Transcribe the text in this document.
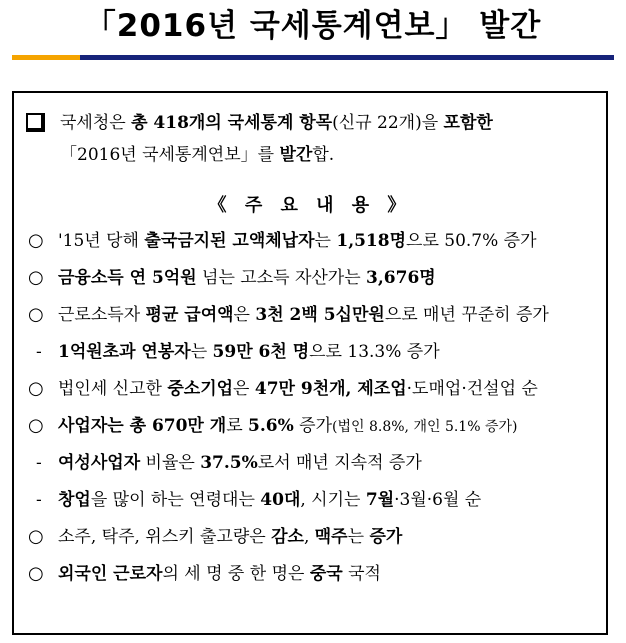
「2016년 국세통계연보」 발간
국세청은 총 418개의 국세통계 항목(신규 22개)을 포함한
「2016년 국세통계연보」를 발간합.
《 주 요 내 용 》
○ '15년 당해 출국금지된 고액체납자는 1,518명으로 50.7% 증가
○ 금융소득 연 5억원 넘는 고소득 자산가는 3,676명
○ 근로소득자 평균 급여액은 3천 2백 5십만원으로 매년 꾸준히 증가
- 1억원초과 연봉자는 59만 6천 명으로 13.3% 증가
○ 법인세 신고한 중소기업은 47만 9천개, 제조업·도매업·건설업 순
○ 사업자는 총 670만 개로 5.6% 증가(법인 8.8%, 개인 5.1% 증가)
- 여성사업자 비율은 37.5%로서 매년 지속적 증가
- 창업을 많이 하는 연령대는 40대, 시기는 7월·3월·6월 순
○ 소주, 탁주, 위스키 출고량은 감소, 맥주는 증가
○ 외국인 근로자의 세 명 중 한 명은 중국 국적
